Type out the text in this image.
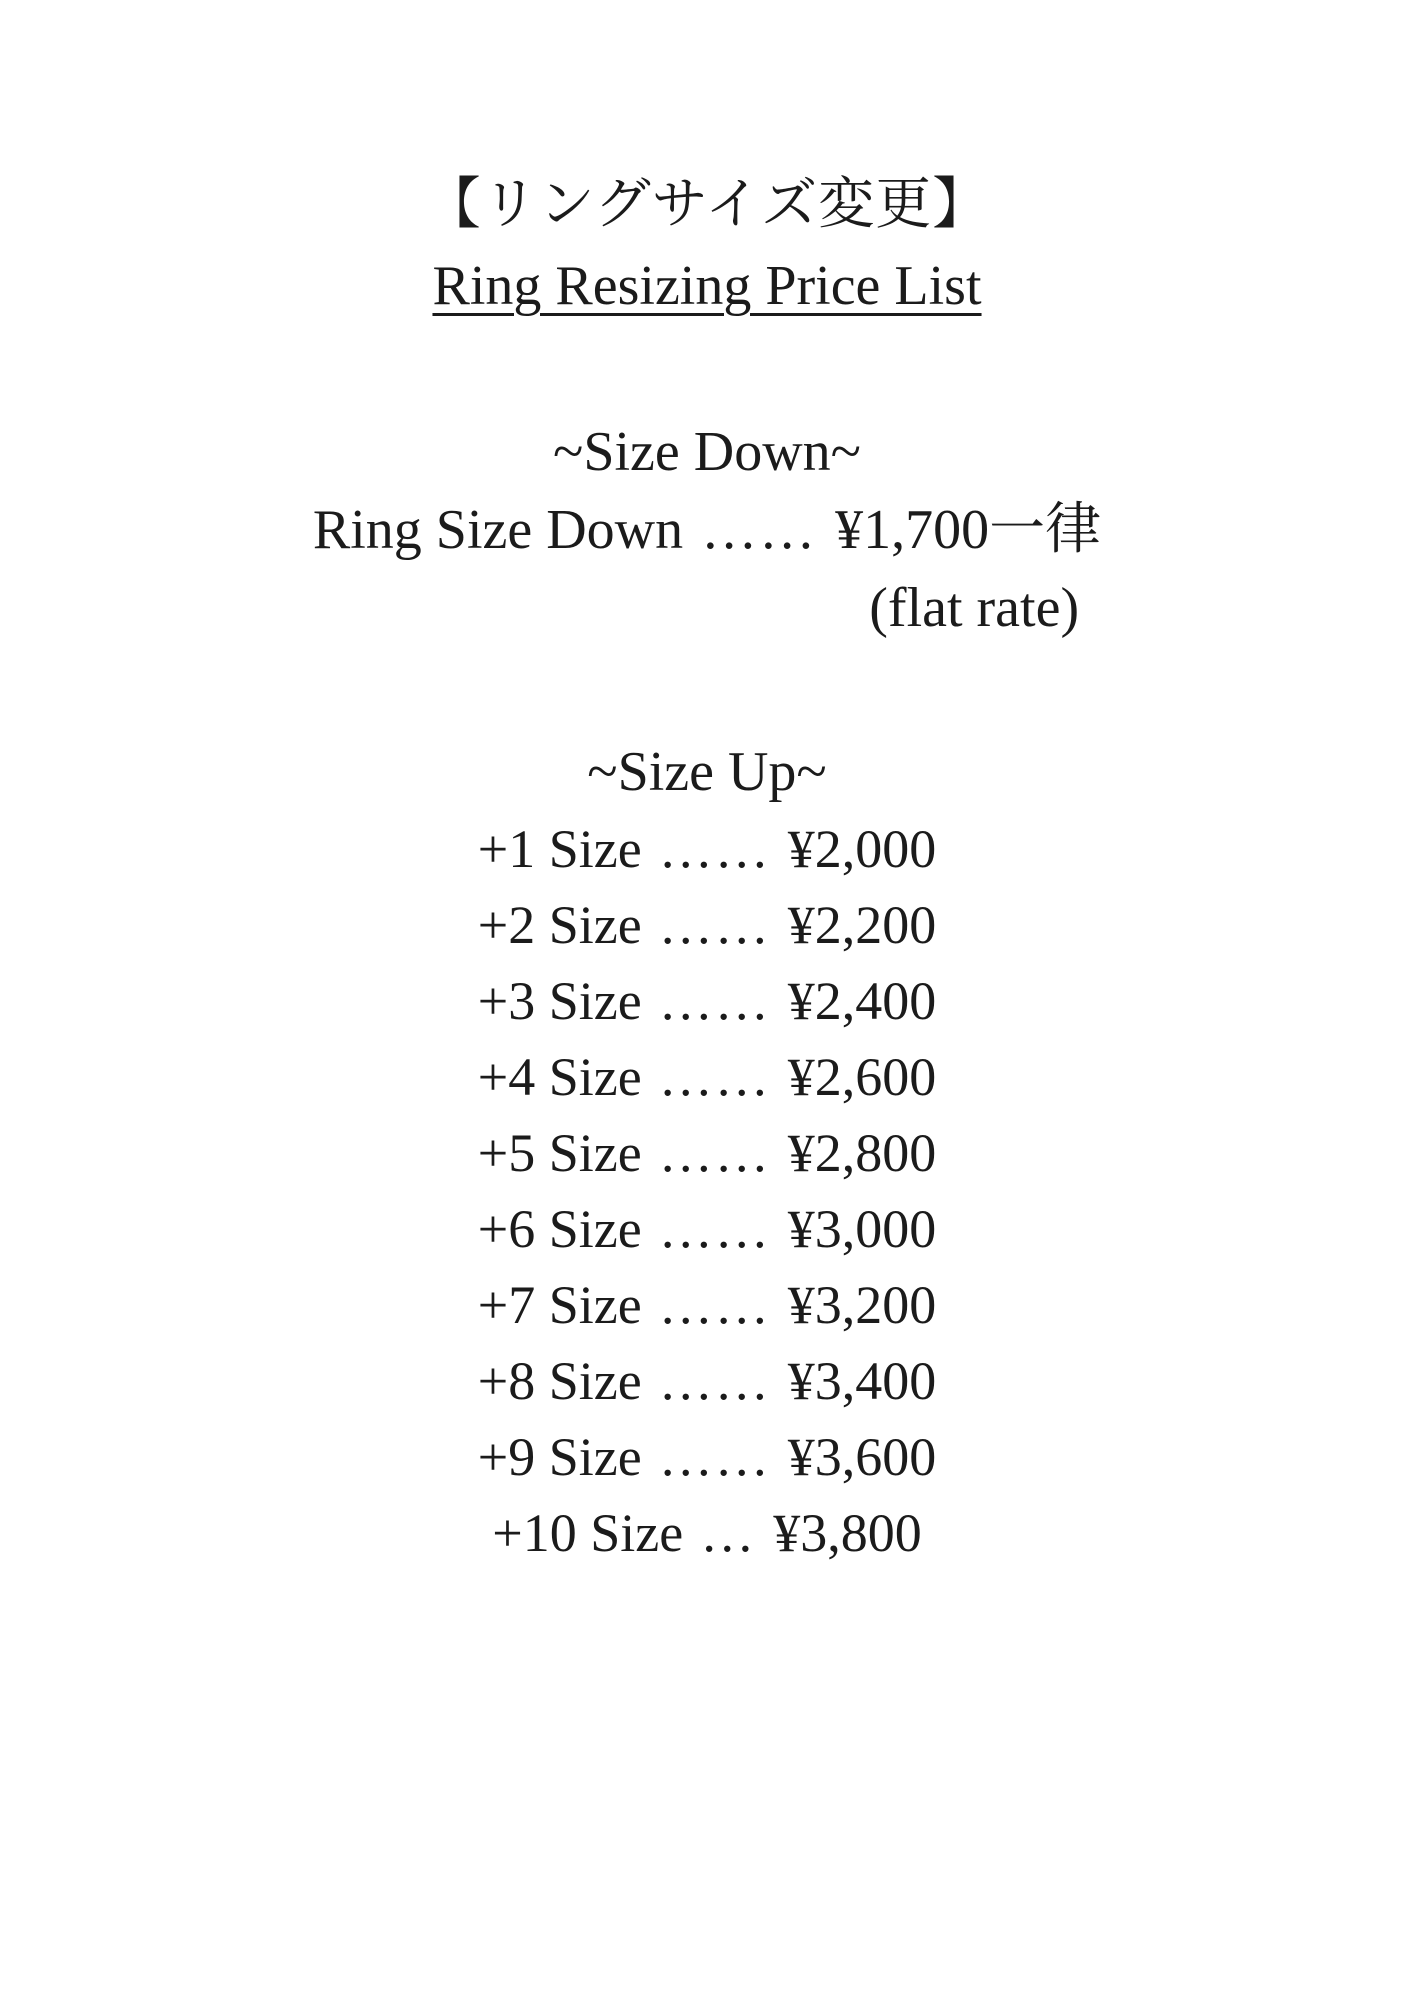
【リングサイズ変更】
Ring Resizing Price List
~Size Down~
Ring Size Down …… ¥1,700一律
(flat rate)
~Size Up~
+1 Size …… ¥2,000
+2 Size …… ¥2,200
+3 Size …… ¥2,400
+4 Size …… ¥2,600
+5 Size …… ¥2,800
+6 Size …… ¥3,000
+7 Size …… ¥3,200
+8 Size …… ¥3,400
+9 Size …… ¥3,600
+10 Size … ¥3,800
